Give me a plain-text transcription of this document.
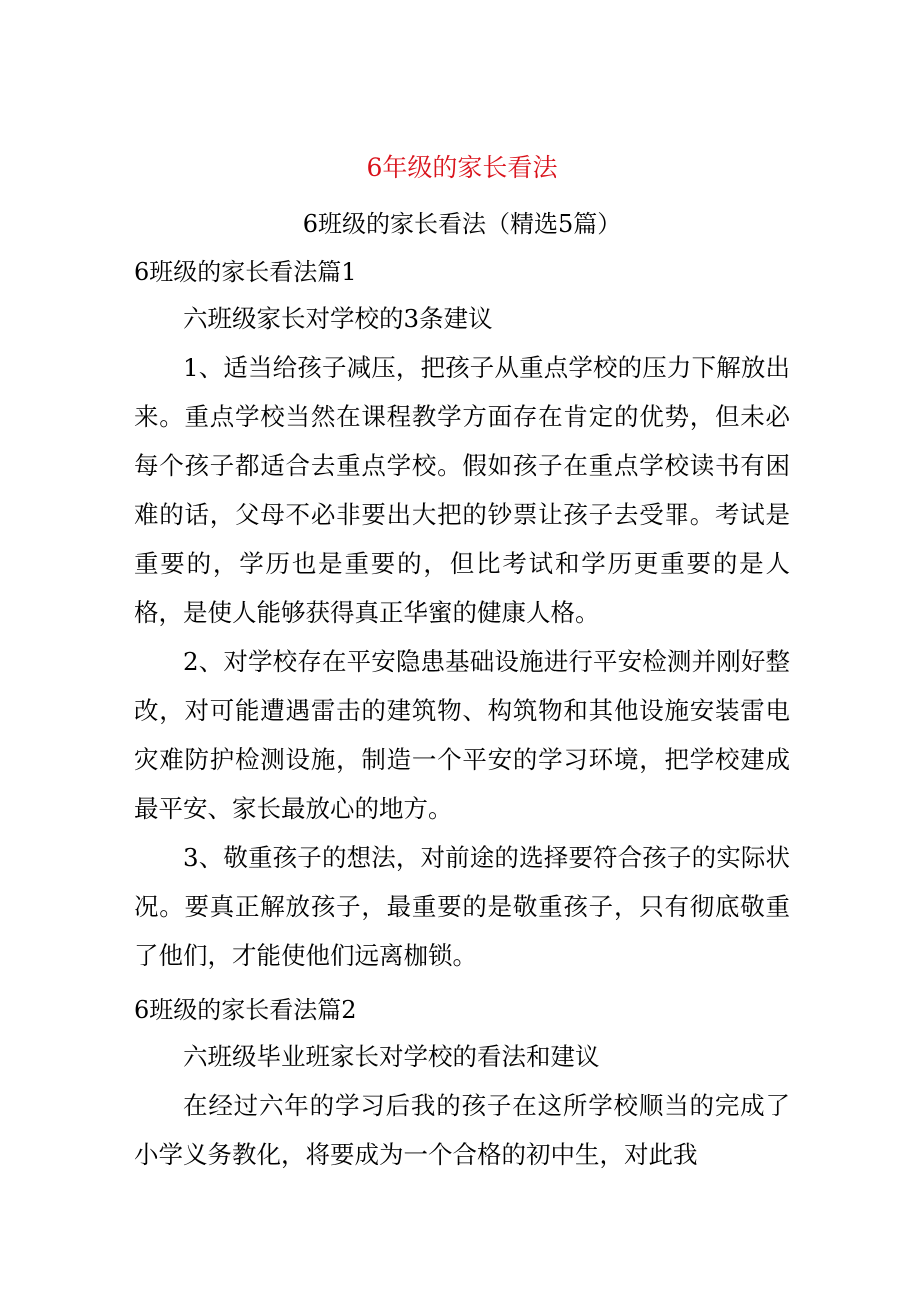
6年级的家长看法
6班级的家长看法（精选5篇）
6班级的家长看法篇1

六班级家长对学校的3条建议

1、适当给孩子减压，把孩子从重点学校的压力下解放出来。重点学校当然在课程教学方面存在肯定的优势，但未必每个孩子都适合去重点学校。假如孩子在重点学校读书有困难的话，父母不必非要出大把的钞票让孩子去受罪。考试是重要的，学历也是重要的，但比考试和学历更重要的是人格，是使人能够获得真正华蜜的健康人格。

2、对学校存在平安隐患基础设施进行平安检测并刚好整改，对可能遭遇雷击的建筑物、构筑物和其他设施安装雷电灾难防护检测设施，制造一个平安的学习环境，把学校建成最平安、家长最放心的地方。

3、敬重孩子的想法，对前途的选择要符合孩子的实际状况。要真正解放孩子，最重要的是敬重孩子，只有彻底敬重了他们，才能使他们远离枷锁。

6班级的家长看法篇2

六班级毕业班家长对学校的看法和建议

在经过六年的学习后我的孩子在这所学校顺当的完成了小学义务教化，将要成为一个合格的初中生，对此我
